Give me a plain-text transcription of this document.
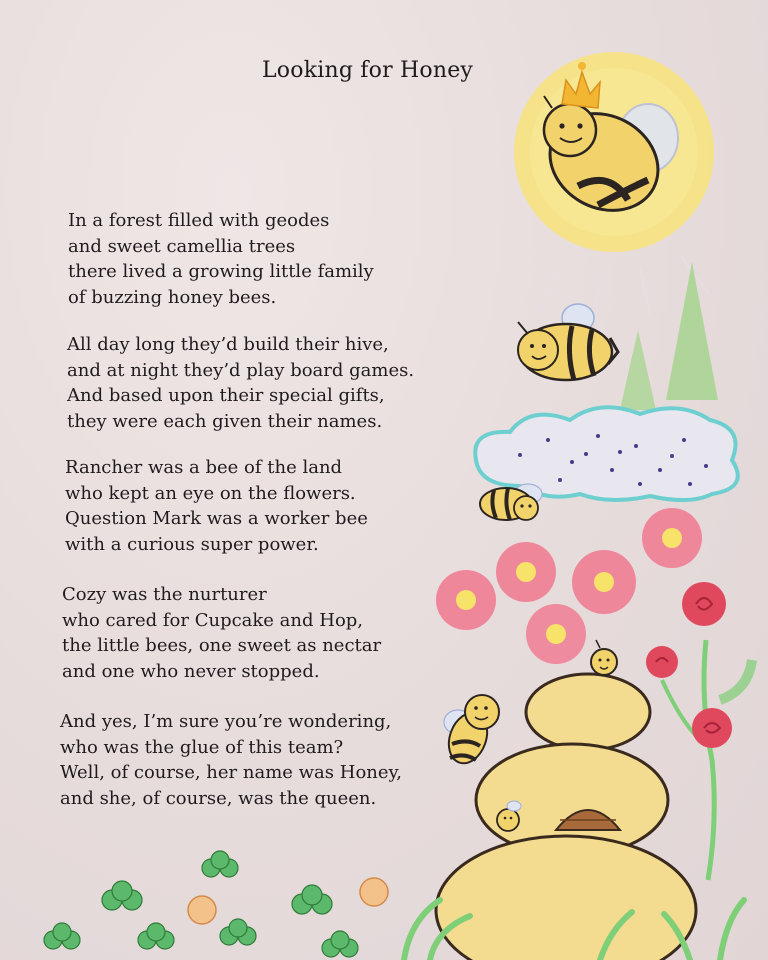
Looking for Honey
In a forest filled with geodes
and sweet camellia trees
there lived a growing little family
of buzzing honey bees.
All day long they’d build their hive,
and at night they’d play board games.
And based upon their special gifts,
they were each given their names.
Rancher was a bee of the land
who kept an eye on the flowers.
Question Mark was a worker bee
with a curious super power.
Cozy was the nurturer
who cared for Cupcake and Hop,
the little bees, one sweet as nectar
and one who never stopped.
And yes, I’m sure you’re wondering,
who was the glue of this team?
Well, of course, her name was Honey,
and she, of course, was the queen.
